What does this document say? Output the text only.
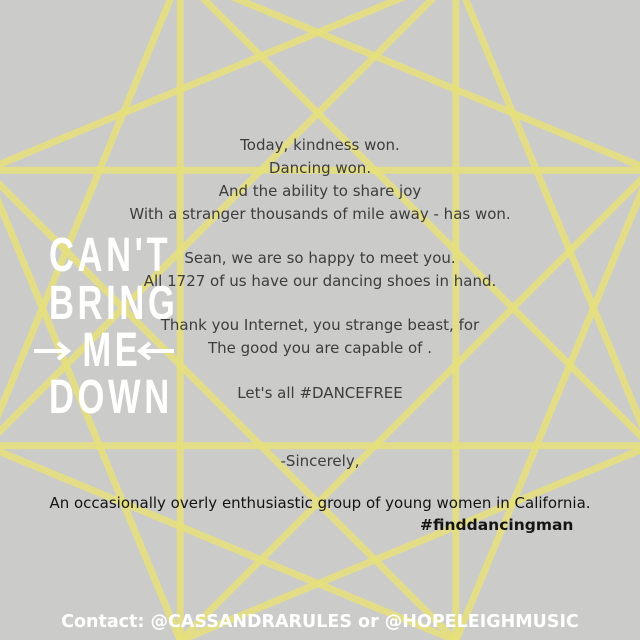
CAN'T
BRING
ME
DOWN
Today, kindness won.
Dancing won.
And the ability to share joy
With a stranger thousands of mile away - has won.
Sean, we are so happy to meet you.
All 1727 of us have our dancing shoes in hand.
Thank you Internet, you strange beast, for
The good you are capable of .
Let's all #DANCEFREE
-Sincerely,
An occasionally overly enthusiastic group of young women in California.
#finddancingman
Contact: @CASSANDRARULES or @HOPELEIGHMUSIC
